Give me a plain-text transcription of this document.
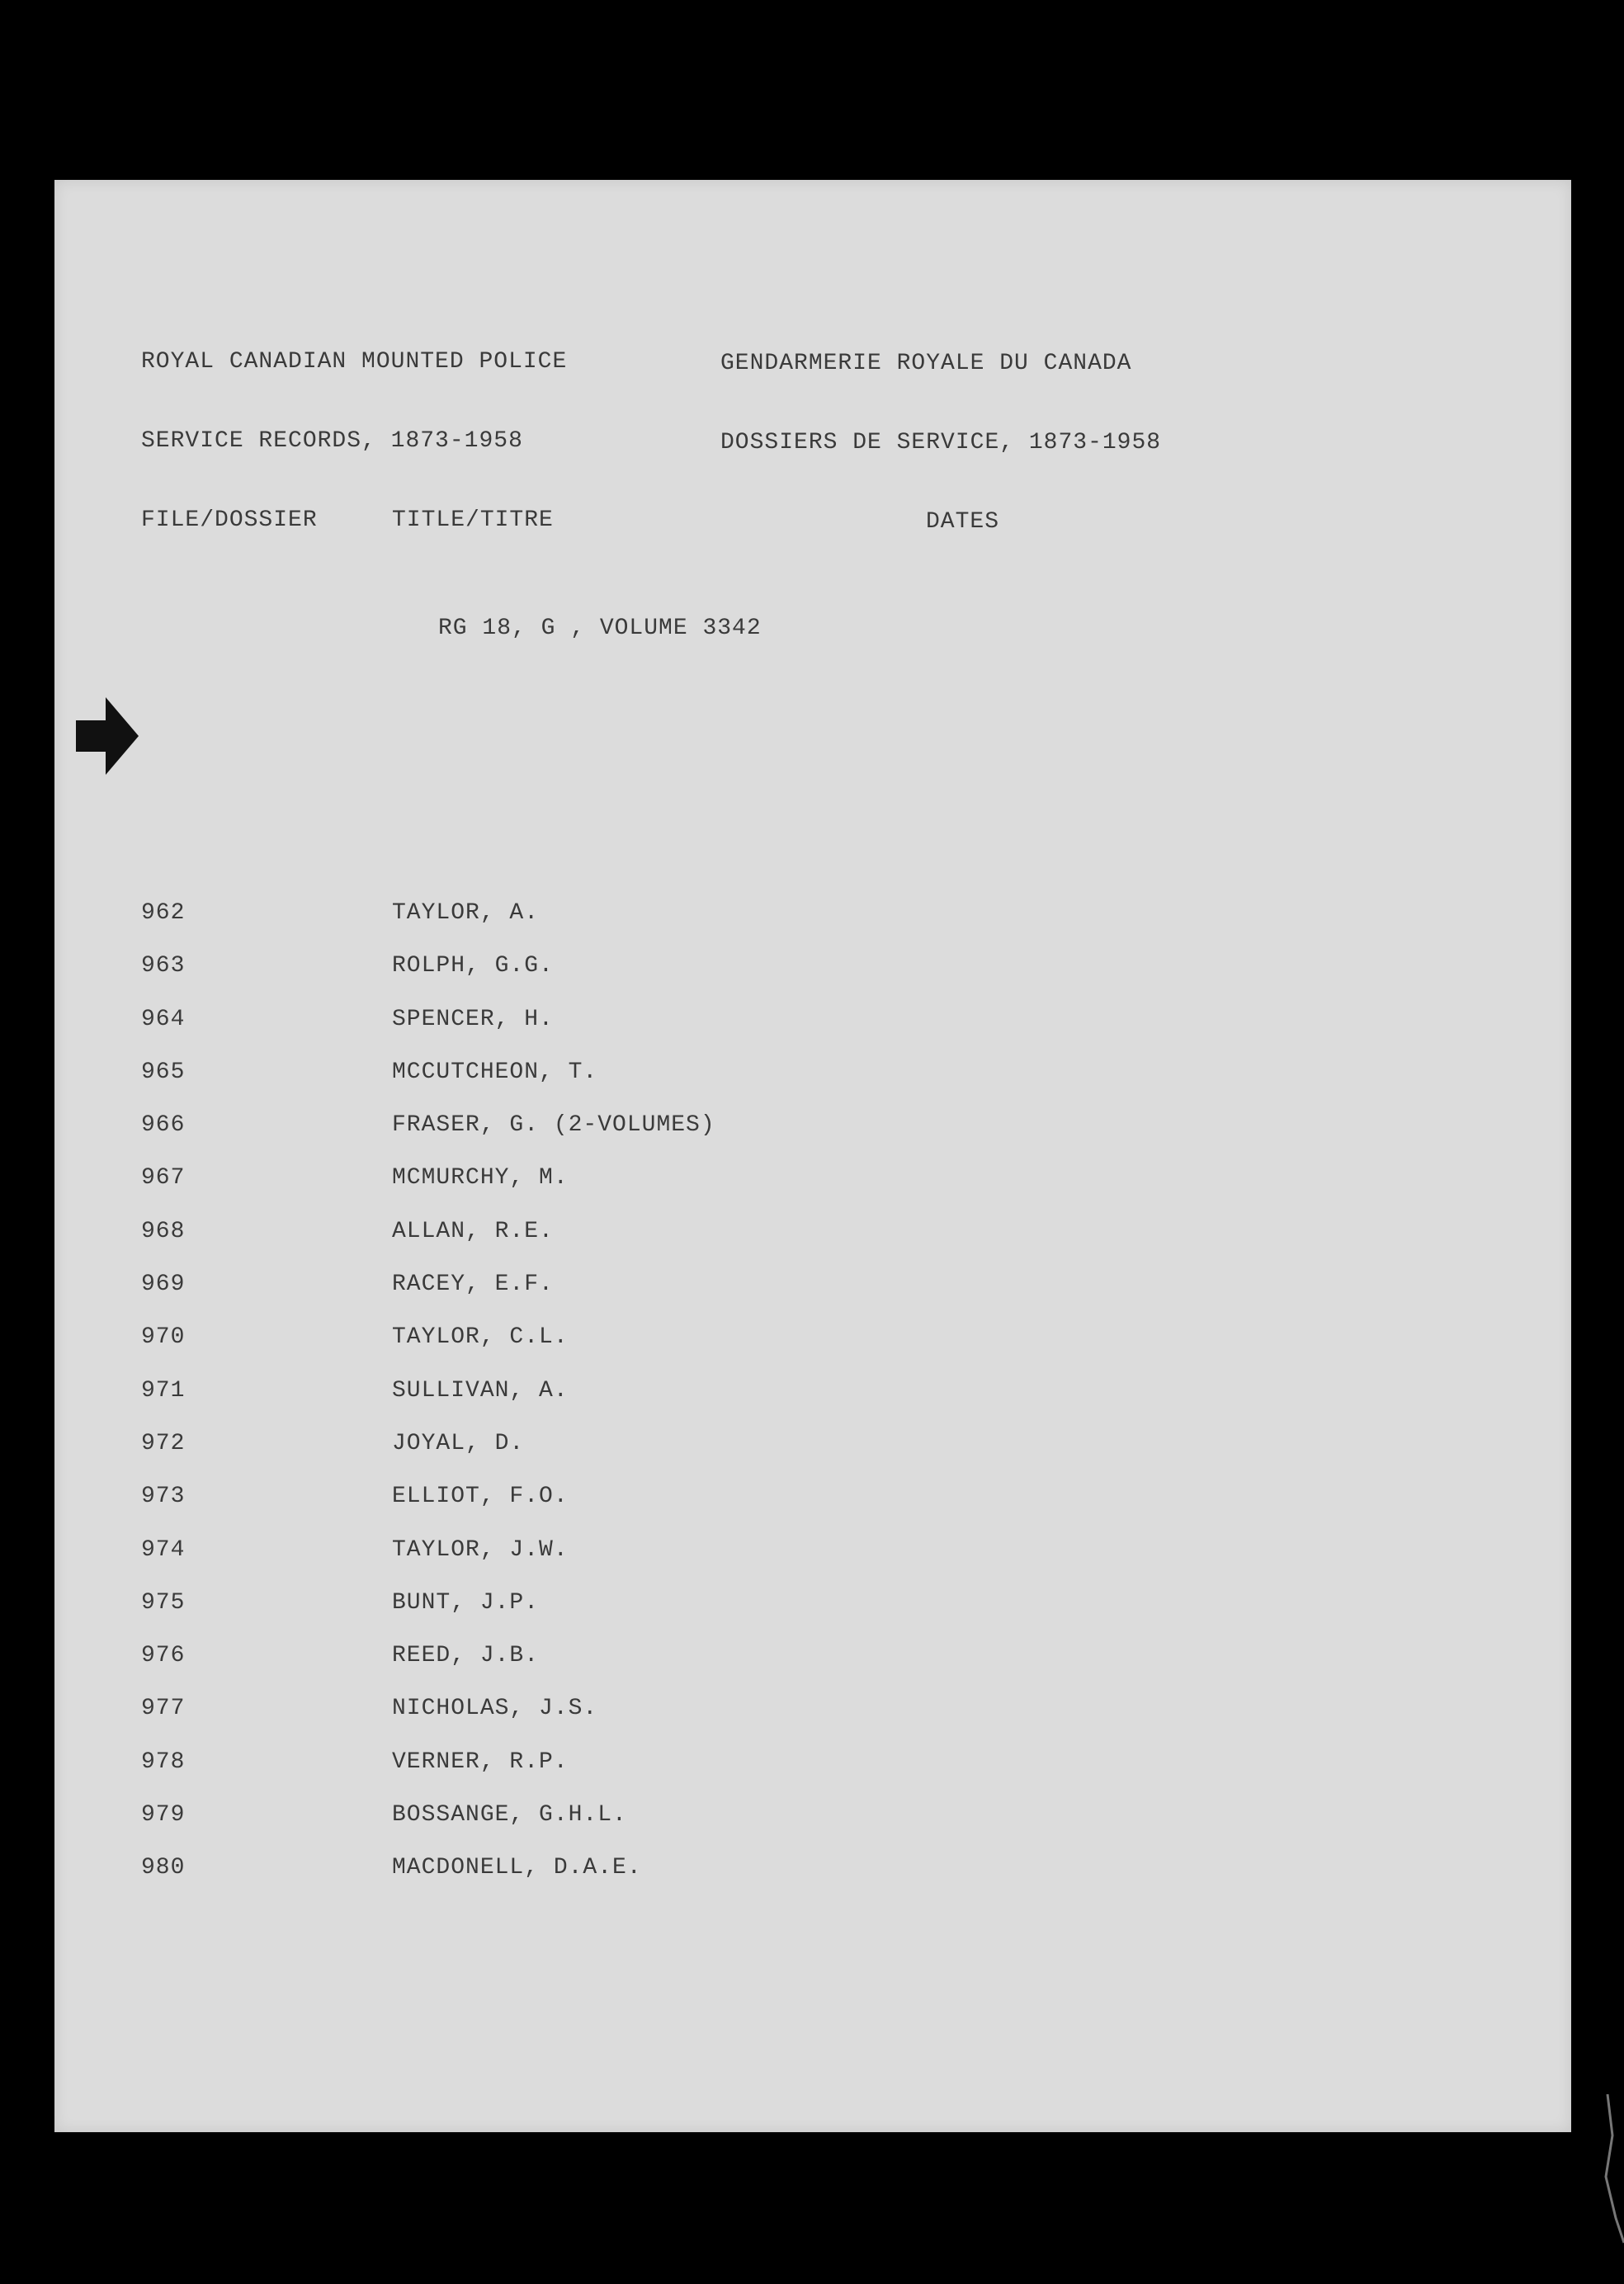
ROYAL CANADIAN MOUNTED POLICE	GENDARMERIE ROYALE DU CANADA
SERVICE RECORDS, 1873-1958	DOSSIERS DE SERVICE, 1873-1958
FILE/DOSSIER	TITLE/TITRE	DATES
RG 18, G , VOLUME 3342
962	TAYLOR, A.
963	ROLPH, G.G.
964	SPENCER, H.
965	MCCUTCHEON, T.
966	FRASER, G. (2-VOLUMES)
967	MCMURCHY, M.
968	ALLAN, R.E.
969	RACEY, E.F.
970	TAYLOR, C.L.
971	SULLIVAN, A.
972	JOYAL, D.
973	ELLIOT, F.O.
974	TAYLOR, J.W.
975	BUNT, J.P.
976	REED, J.B.
977	NICHOLAS, J.S.
978	VERNER, R.P.
979	BOSSANGE, G.H.L.
980	MACDONELL, D.A.E.
